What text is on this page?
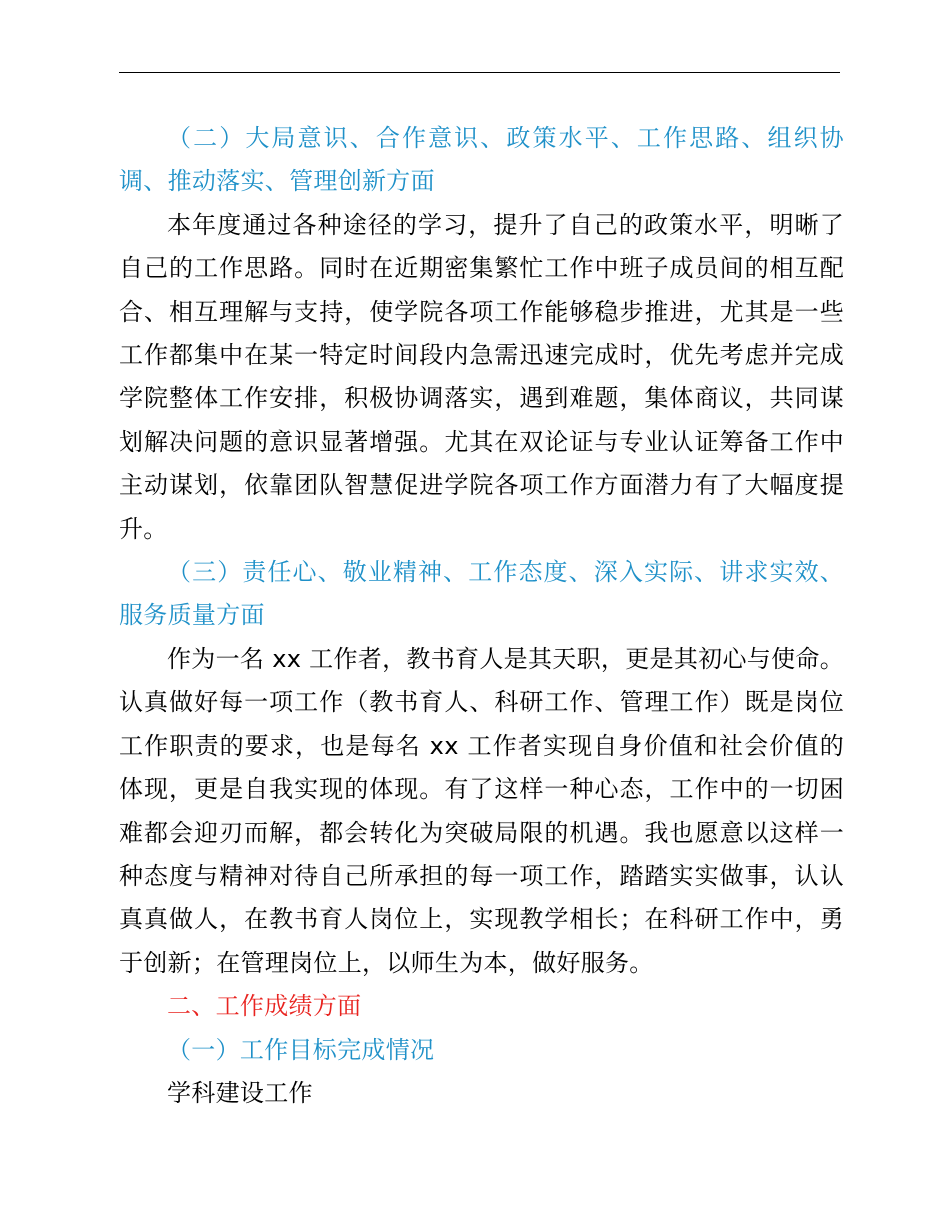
（二）大局意识、合作意识、政策水平、工作思路、组织协调、推动落实、管理创新方面

本年度通过各种途径的学习，提升了自己的政策水平，明晰了自己的工作思路。同时在近期密集繁忙工作中班子成员间的相互配合、相互理解与支持，使学院各项工作能够稳步推进，尤其是一些工作都集中在某一特定时间段内急需迅速完成时，优先考虑并完成学院整体工作安排，积极协调落实，遇到难题，集体商议，共同谋划解决问题的意识显著增强。尤其在双论证与专业认证筹备工作中主动谋划，依靠团队智慧促进学院各项工作方面潜力有了大幅度提升。

（三）责任心、敬业精神、工作态度、深入实际、讲求实效、服务质量方面

作为一名 xx 工作者，教书育人是其天职，更是其初心与使命。认真做好每一项工作（教书育人、科研工作、管理工作）既是岗位工作职责的要求，也是每名 xx 工作者实现自身价值和社会价值的体现，更是自我实现的体现。有了这样一种心态，工作中的一切困难都会迎刃而解，都会转化为突破局限的机遇。我也愿意以这样一种态度与精神对待自己所承担的每一项工作，踏踏实实做事，认认真真做人，在教书育人岗位上，实现教学相长；在科研工作中，勇于创新；在管理岗位上，以师生为本，做好服务。

二、工作成绩方面

（一）工作目标完成情况

学科建设工作
